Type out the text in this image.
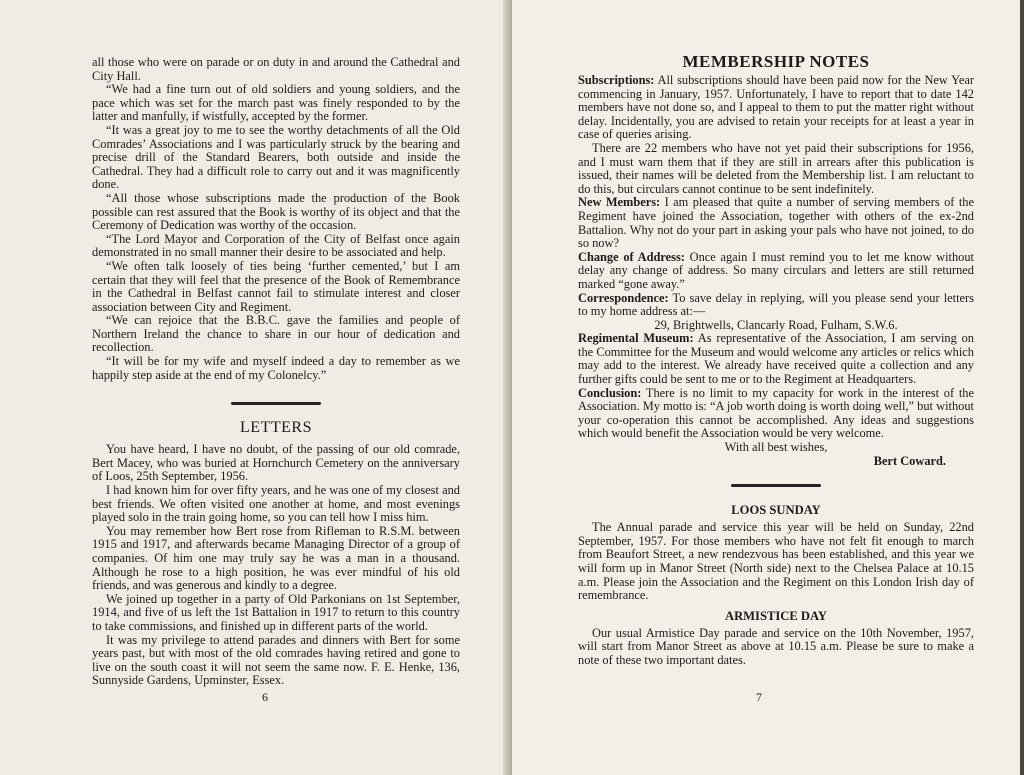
all those who were on parade or on duty in and around the Cathedral and City Hall.

“We had a fine turn out of old soldiers and young soldiers, and the pace which was set for the march past was finely responded to by the latter and manfully, if wistfully, accepted by the former.

“It was a great joy to me to see the worthy detachments of all the Old Comrades’ Associations and I was particularly struck by the bearing and precise drill of the Standard Bearers, both outside and inside the Cathedral. They had a difficult role to carry out and it was magnificently done.

“All those whose subscriptions made the production of the Book possible can rest assured that the Book is worthy of its object and that the Ceremony of Dedication was worthy of the occasion.

“The Lord Mayor and Corporation of the City of Belfast once again demonstrated in no small manner their desire to be associated and help.

“We often talk loosely of ties being ‘further cemented,’ but I am certain that they will feel that the presence of the Book of Remembrance in the Cathedral in Belfast cannot fail to stimulate interest and closer association between City and Regiment.

“We can rejoice that the B.B.C. gave the families and people of Northern Ireland the chance to share in our hour of dedication and recollection.

“It will be for my wife and myself indeed a day to remember as we happily step aside at the end of my Colonelcy.”

LETTERS

You have heard, I have no doubt, of the passing of our old comrade, Bert Macey, who was buried at Hornchurch Cemetery on the anniversary of Loos, 25th September, 1956.

I had known him for over fifty years, and he was one of my closest and best friends. We often visited one another at home, and most evenings played solo in the train going home, so you can tell how I miss him.

You may remember how Bert rose from Rifleman to R.S.M. between 1915 and 1917, and afterwards became Managing Director of a group of companies. Of him one may truly say he was a man in a thousand. Although he rose to a high position, he was ever mindful of his old friends, and was generous and kindly to a degree.

We joined up together in a party of Old Parkonians on 1st September, 1914, and five of us left the 1st Battalion in 1917 to return to this country to take commissions, and finished up in different parts of the world.

It was my privilege to attend parades and dinners with Bert for some years past, but with most of the old comrades having retired and gone to live on the south coast it will not seem the same now. F. E. Henke, 136, Sunnyside Gardens, Upminster, Essex.

6
MEMBERSHIP NOTES

Subscriptions: All subscriptions should have been paid now for the New Year commencing in January, 1957. Unfortunately, I have to report that to date 142 members have not done so, and I appeal to them to put the matter right without delay. Incidentally, you are advised to retain your receipts for at least a year in case of queries arising.

There are 22 members who have not yet paid their subscriptions for 1956, and I must warn them that if they are still in arrears after this publication is issued, their names will be deleted from the Membership list. I am reluctant to do this, but circulars cannot continue to be sent indefinitely.

New Members: I am pleased that quite a number of serving members of the Regiment have joined the Association, together with others of the ex-2nd Battalion. Why not do your part in asking your pals who have not joined, to do so now?

Change of Address: Once again I must remind you to let me know without delay any change of address. So many circulars and letters are still returned marked “gone away.”

Correspondence: To save delay in replying, will you please send your letters to my home address at:—

29, Brightwells, Clancarly Road, Fulham, S.W.6.

Regimental Museum: As representative of the Association, I am serving on the Committee for the Museum and would welcome any articles or relics which may add to the interest. We already have received quite a collection and any further gifts could be sent to me or to the Regiment at Headquarters.

Conclusion: There is no limit to my capacity for work in the interest of the Association. My motto is: “A job worth doing is worth doing well,” but without your co-operation this cannot be accomplished. Any ideas and suggestions which would benefit the Association would be very welcome.

With all best wishes,
Bert Coward.
LOOS SUNDAY

The Annual parade and service this year will be held on Sunday, 22nd September, 1957. For those members who have not felt fit enough to march from Beaufort Street, a new rendezvous has been established, and this year we will form up in Manor Street (North side) next to the Chelsea Palace at 10.15 a.m. Please join the Association and the Regiment on this London Irish day of remembrance.

ARMISTICE DAY

Our usual Armistice Day parade and service on the 10th November, 1957, will start from Manor Street as above at 10.15 a.m. Please be sure to make a note of these two important dates.

7
